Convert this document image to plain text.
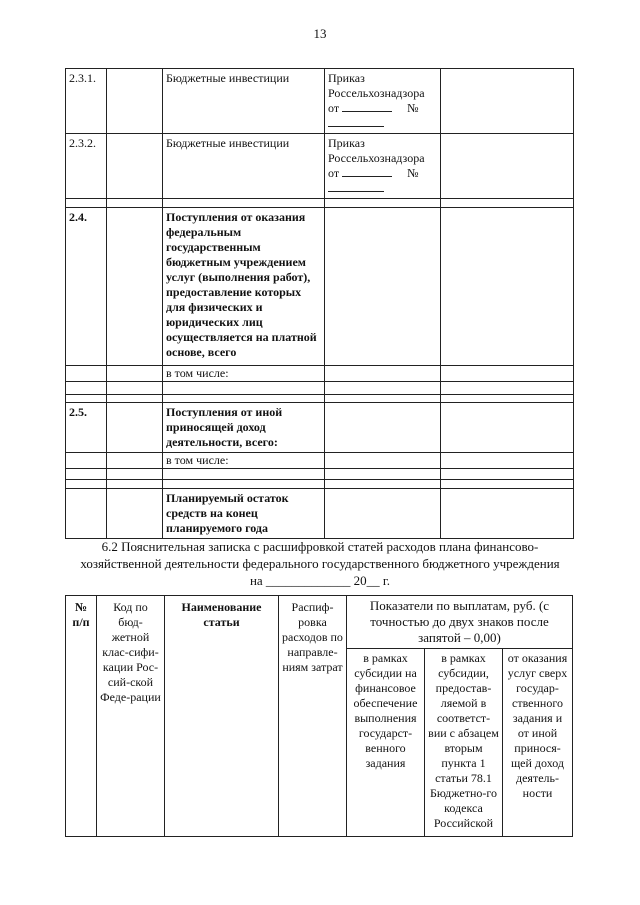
13
2.3.1.		Бюджетные инвестиции	Приказ
Россельхознадзора
от №	

2.3.2.		Бюджетные инвестиции	Приказ
Россельхознадзора
от №	

2.4.		Поступления от оказания федеральным государственным бюджетным учреждением услуг (выполнения работ), предоставление которых для физических и юридических лиц осуществляется на платной основе, всего		
		в том числе:		

2.5.		Поступления от иной приносящей доход деятельности, всего:		
		в том числе:		

		Планируемый остаток средств на конец планируемого года		
6.2 Пояснительная записка с расшифровкой статей расходов плана финансово-
хозяйственной деятельности федерального государственного бюджетного учреждения
на _____________ 20__ г.
№ п/п	Код по бюд-жетной клас-сифи-кации Рос-сий-ской Феде-рации	Наименование статьи	Распиф-ровка расходов по направле-ниям затрат	Показатели по выплатам, руб. (с точностью до двух знаков после запятой – 0,00)		
				в рамках субсидии на финансовое обеспечение выполнения государст-венного задания	в рамках субсидии, предостав-ляемой в соответст-вии с абзацем вторым пункта 1 статьи 78.1 Бюджетно-го кодекса Российской	от оказания услуг сверх государ-ственного задания и от иной принося-щей доход деятель-ности
